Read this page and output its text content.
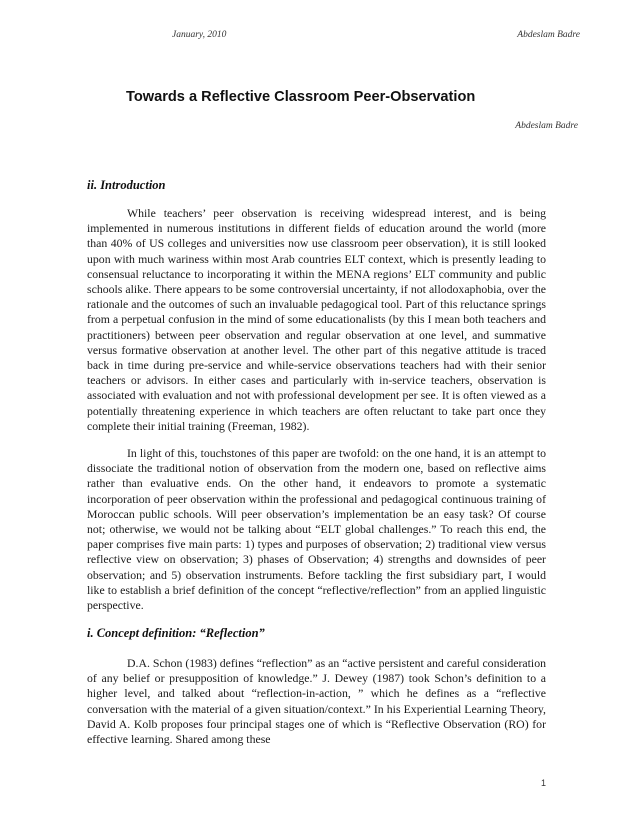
January, 2010	Abdeslam Badre
Towards a Reflective Classroom Peer-Observation
Abdeslam Badre
ii. Introduction

While teachers’ peer observation is receiving widespread interest, and is being implemented in numerous institutions in different fields of education around the world (more than 40% of US colleges and universities now use classroom peer observation), it is still looked upon with much wariness within most Arab countries ELT context, which is presently leading to consensual reluctance to incorporating it within the MENA regions’ ELT community and public schools alike. There appears to be some controversial uncertainty, if not allodoxaphobia, over the rationale and the outcomes of such an invaluable pedagogical tool. Part of this reluctance springs from a perpetual confusion in the mind of some educationalists (by this I mean both teachers and practitioners) between peer observation and regular observation at one level, and summative versus formative observation at another level. The other part of this negative attitude is traced back in time during pre-service and while-service observations teachers had with their senior teachers or advisors. In either cases and particularly with in-service teachers, observation is associated with evaluation and not with professional development per see. It is often viewed as a potentially threatening experience in which teachers are often reluctant to take part once they complete their initial training (Freeman, 1982).

In light of this, touchstones of this paper are twofold: on the one hand, it is an attempt to dissociate the traditional notion of observation from the modern one, based on reflective aims rather than evaluative ends. On the other hand, it endeavors to promote a systematic incorporation of peer observation within the professional and pedagogical continuous training of Moroccan public schools. Will peer observation’s implementation be an easy task? Of course not; otherwise, we would not be talking about “ELT global challenges.” To reach this end, the paper comprises five main parts: 1) types and purposes of observation; 2) traditional view versus reflective view on observation; 3) phases of Observation; 4) strengths and downsides of peer observation; and 5) observation instruments. Before tackling the first subsidiary part, I would like to establish a brief definition of the concept “reflective/reflection” from an applied linguistic perspective.

i. Concept definition: “Reflection”

D.A. Schon (1983) defines “reflection” as an “active persistent and careful consideration of any belief or presupposition of knowledge.” J. Dewey (1987) took Schon’s definition to a higher level, and talked about “reflection-in-action, ” which he defines as a “reflective conversation with the material of a given situation/context.” In his Experiential Learning Theory, David A. Kolb proposes four principal stages one of which is “Reflective Observation (RO) for effective learning. Shared among these

1
